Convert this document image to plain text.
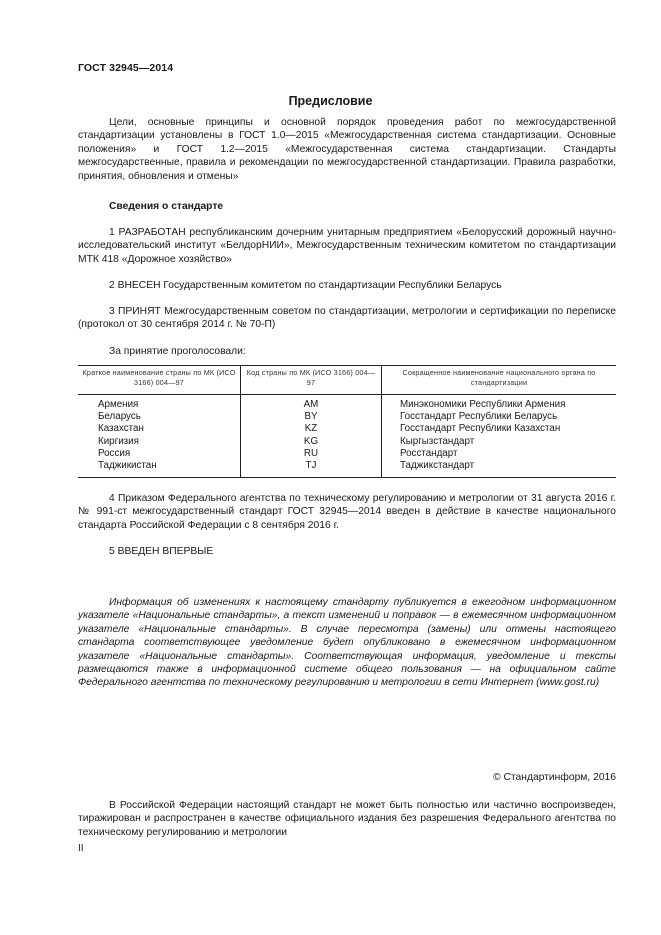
ГОСТ 32945—2014
Предисловие
Цели, основные принципы и основной порядок проведения работ по межгосударственной стандартизации установлены в ГОСТ 1.0—2015 «Межгосударственная система стандартизации. Основные положения» и ГОСТ 1.2—2015 «Межгосударственная система стандартизации. Стандарты межгосударственные, правила и рекомендации по межгосударственной стандартизации. Правила разработки, принятия, обновления и отмены»
Сведения о стандарте
1 РАЗРАБОТАН республиканским дочерним унитарным предприятием «Белорусский дорожный научно-исследовательский институт «БелдорНИИ», Межгосударственным техническим комитетом по стандартизации МТК 418 «Дорожное хозяйство»
2 ВНЕСЕН Государственным комитетом по стандартизации Республики Беларусь
3 ПРИНЯТ Межгосударственным советом по стандартизации, метрологии и сертификации по переписке (протокол от 30 сентября 2014 г. № 70-П)
За принятие проголосовали:
Краткое наименование страны по МК (ИСО 3166) 004—97	Код страны по МК (ИСО 3166) 004—97	Сокращенное наименование национального органа по стандартизации

Армения	AM	Минэкономики Республики Армения
Беларусь	BY	Госстандарт Республики Беларусь
Казахстан	KZ	Госстандарт Республики Казахстан
Киргизия	KG	Кыргызстандарт
Россия	RU	Росстандарт
Таджикистан	TJ	Таджикстандарт

4 Приказом Федерального агентства по техническому регулированию и метрологии от 31 августа 2016 г. № 991-ст межгосударственный стандарт ГОСТ 32945—2014 введен в действие в качестве национального стандарта Российской Федерации с 8 сентября 2016 г.
5 ВВЕДЕН ВПЕРВЫЕ
Информация об изменениях к настоящему стандарту публикуется в ежегодном информационном указателе «Национальные стандарты», а текст изменений и поправок — в ежемесячном информационном указателе «Национальные стандарты». В случае пересмотра (замены) или отмены настоящего стандарта соответствующее уведомление будет опубликовано в ежемесячном информационном указателе «Национальные стандарты». Соответствующая информация, уведомление и тексты размещаются также в информационной системе общего пользования — на официальном сайте Федерального агентства по техническому регулированию и метрологии в сети Интернет (www.gost.ru)
© Стандартинформ, 2016
В Российской Федерации настоящий стандарт не может быть полностью или частично воспроизведен, тиражирован и распространен в качестве официального издания без разрешения Федерального агентства по техническому регулированию и метрологии
II
